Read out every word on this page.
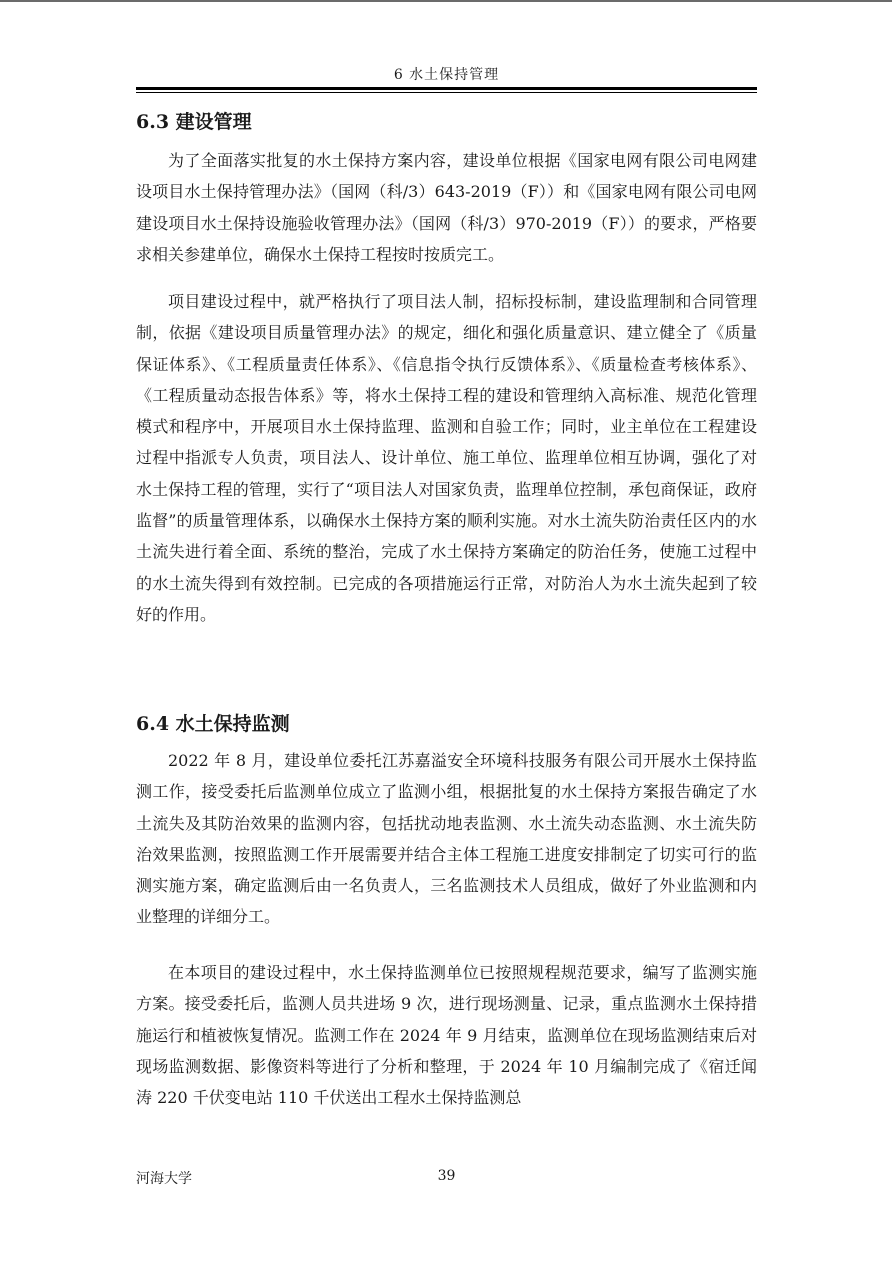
6 水土保持管理
6.3 建设管理

为了全面落实批复的水土保持方案内容，建设单位根据《国家电网有限公司电网建设项目水土保持管理办法》（国网（科/3）643-2019（F））和《国家电网有限公司电网建设项目水土保持设施验收管理办法》（国网（科/3）970-2019（F））的要求，严格要求相关参建单位，确保水土保持工程按时按质完工。

项目建设过程中，就严格执行了项目法人制，招标投标制，建设监理制和合同管理制，依据《建设项目质量管理办法》的规定，细化和强化质量意识、建立健全了《质量保证体系》、《工程质量责任体系》、《信息指令执行反馈体系》、《质量检查考核体系》、《工程质量动态报告体系》等，将水土保持工程的建设和管理纳入高标准、规范化管理模式和程序中，开展项目水土保持监理、监测和自验工作；同时，业主单位在工程建设过程中指派专人负责，项目法人、设计单位、施工单位、监理单位相互协调，强化了对水土保持工程的管理，实行了“项目法人对国家负责，监理单位控制，承包商保证，政府监督”的质量管理体系，以确保水土保持方案的顺利实施。对水土流失防治责任区内的水土流失进行着全面、系统的整治，完成了水土保持方案确定的防治任务，使施工过程中的水土流失得到有效控制。已完成的各项措施运行正常，对防治人为水土流失起到了较好的作用。

6.4 水土保持监测

2022 年 8 月，建设单位委托江苏嘉溢安全环境科技服务有限公司开展水土保持监测工作，接受委托后监测单位成立了监测小组，根据批复的水土保持方案报告确定了水土流失及其防治效果的监测内容，包括扰动地表监测、水土流失动态监测、水土流失防治效果监测，按照监测工作开展需要并结合主体工程施工进度安排制定了切实可行的监测实施方案，确定监测后由一名负责人，三名监测技术人员组成，做好了外业监测和内业整理的详细分工。

在本项目的建设过程中，水土保持监测单位已按照规程规范要求，编写了监测实施方案。接受委托后，监测人员共进场 9 次，进行现场测量、记录，重点监测水土保持措施运行和植被恢复情况。监测工作在 2024 年 9 月结束，监测单位在现场监测结束后对现场监测数据、影像资料等进行了分析和整理，于 2024 年 10 月编制完成了《宿迁闻涛 220 千伏变电站 110 千伏送出工程水土保持监测总

河海大学	39
